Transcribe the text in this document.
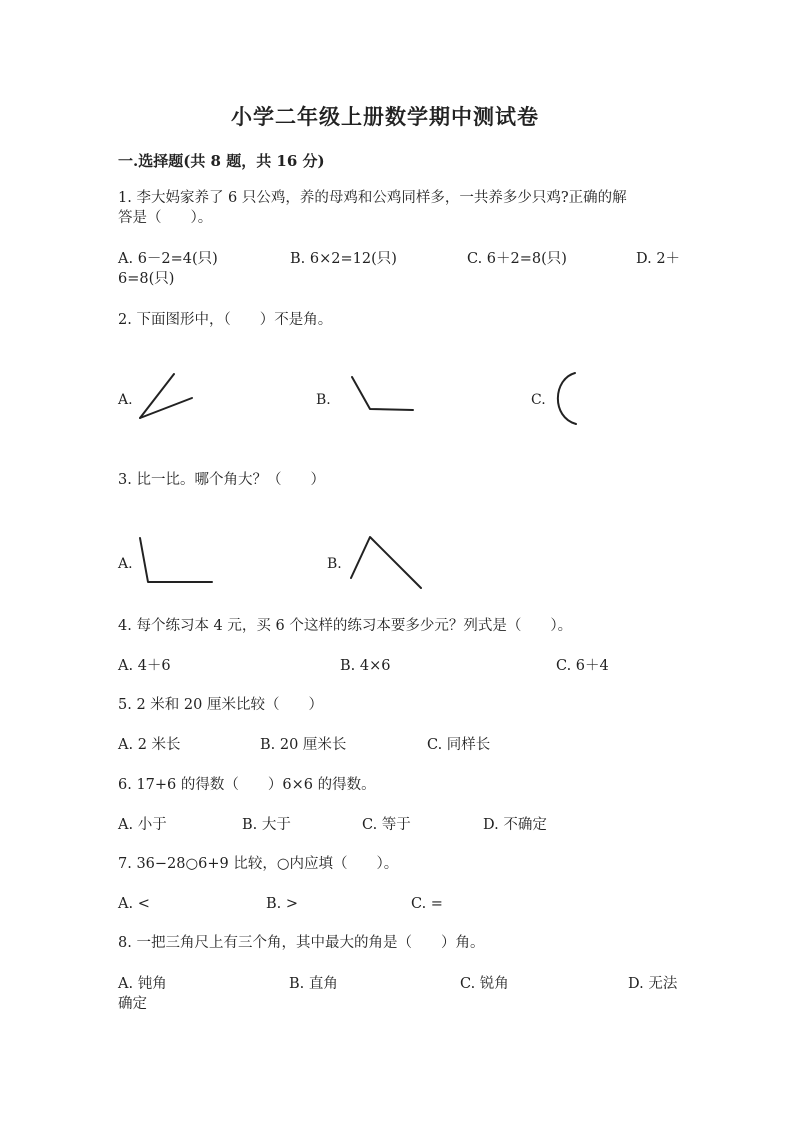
小学二年级上册数学期中测试卷
一.选择题(共 8 题，共 16 分)
1. 李大妈家养了 6 只公鸡，养的母鸡和公鸡同样多，一共养多少只鸡?正确的解
答是（　　）。
A. 6－2=4(只)	B. 6×2=12(只)	C. 6＋2=8(只)	D. 2＋
6=8(只)
2. 下面图形中，（　　）不是角。
A.	B.	C.
3. 比一比。哪个角大？（　　）
A.	B.
4. 每个练习本 4 元，买 6 个这样的练习本要多少元？列式是（　　）。
A. 4＋6	B. 4×6	C. 6＋4
5. 2 米和 20 厘米比较（　　）
A. 2 米长	B. 20 厘米长	C. 同样长
6. 17+6 的得数（　　）6×6 的得数。
A. 小于	B. 大于	C. 等于	D. 不确定
7. 36−28○6+9 比较，○内应填（　　）。
A. <	B. >	C. =
8. 一把三角尺上有三个角，其中最大的角是（　　）角。
A. 钝角	B. 直角	C. 锐角	D. 无法
确定
